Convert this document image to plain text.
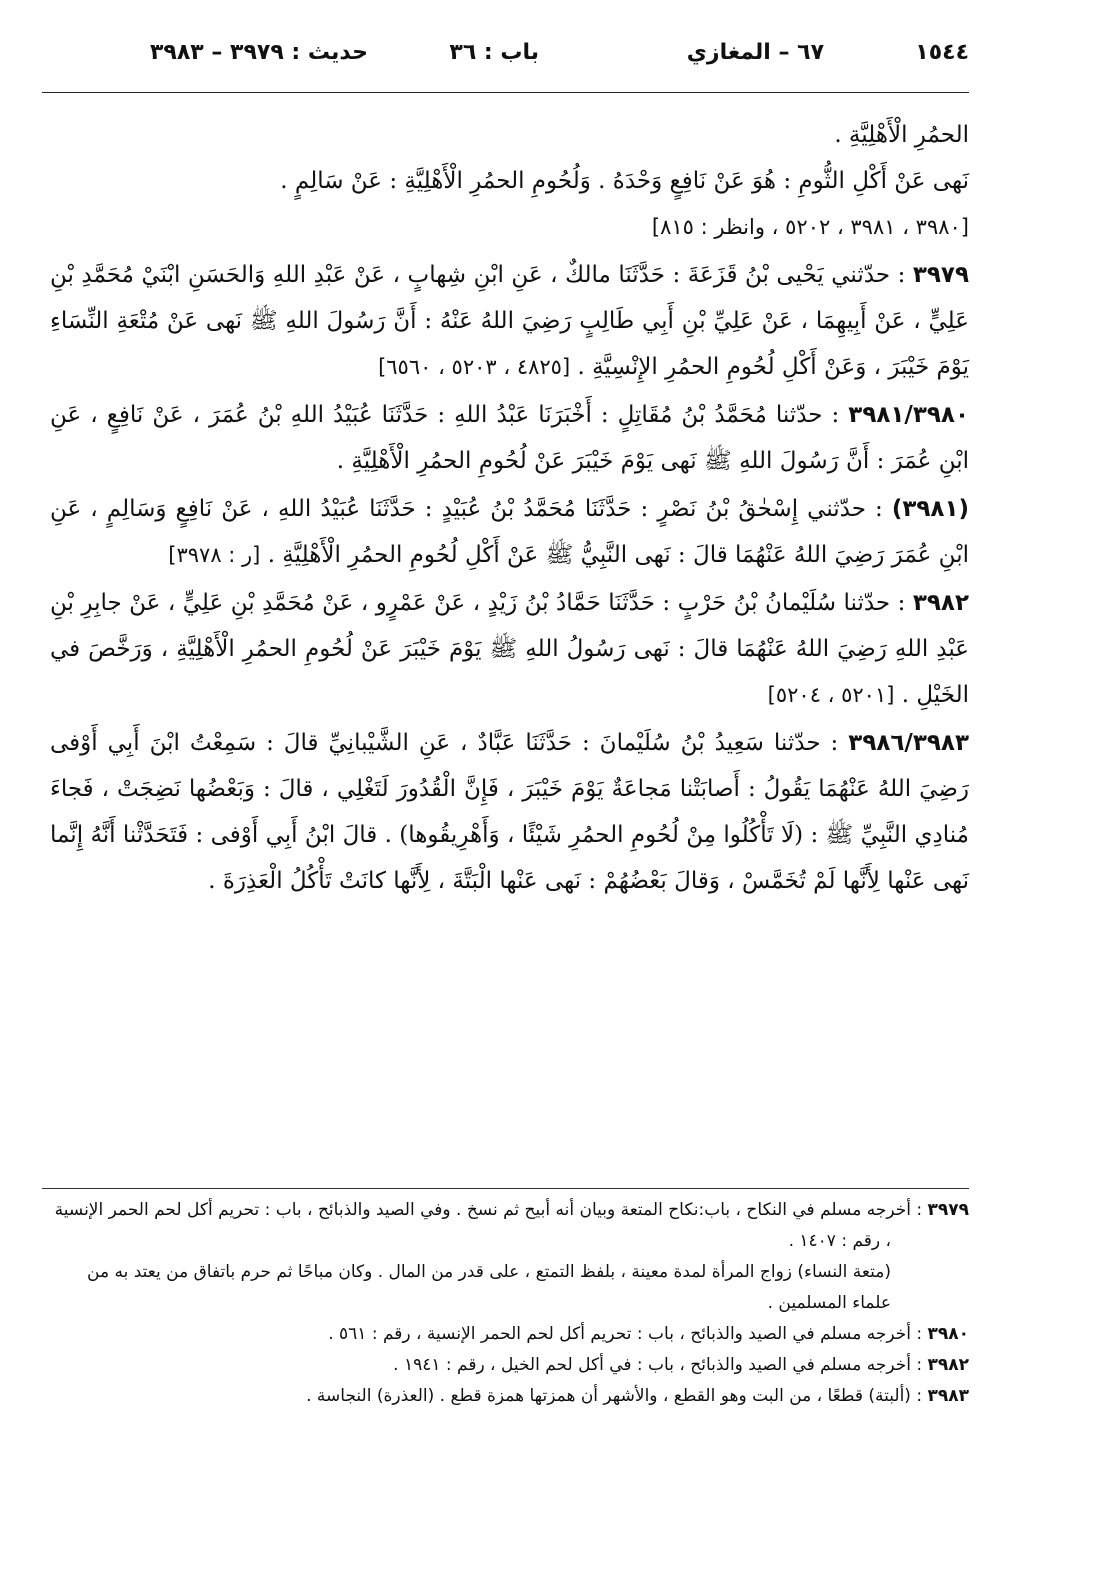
١٥٤٤
٦٧ – المغازي
باب : ٣٦
حديث : ٣٩٧٩ – ٣٩٨٣

الحمُرِ الْأَهْلِيَّةِ .

نَهى عَنْ أَكْلِ الثُّومِ : هُوَ عَنْ نَافِعٍ وَحْدَهُ . وَلُحُومِ الحمُرِ الْأَهْلِيَّةِ : عَنْ سَالِمٍ .

[٣٩٨٠ ، ٣٩٨١ ، ٥٢٠٢ ، وانظر : ٨١٥]

٣٩٧٩ : حدّثني يَحْيى بْنُ قَزَعَةَ : حَدَّثَنَا مالكٌ ، عَنِ ابْنِ شِهابٍ ، عَنْ عَبْدِ اللهِ وَالحَسَنِ ابْنَيْ مُحَمَّدِ بْنِ عَلِيٍّ ، عَنْ أَبِيهِمَا ، عَنْ عَلِيِّ بْنِ أَبِي طَالِبٍ رَضِيَ اللهُ عَنْهُ : أَنَّ رَسُولَ اللهِ ﷺ نَهى عَنْ مُتْعَةِ النِّسَاءِ يَوْمَ خَيْبَرَ ، وَعَنْ أَكْلِ لُحُومِ الحمُرِ الإِنْسِيَّةِ . [٤٨٢٥ ، ٥٢٠٣ ، ٦٥٦٠]

٣٩٨١/٣٩٨٠ : حدّثنا مُحَمَّدُ بْنُ مُقَاتِلٍ : أَخْبَرَنَا عَبْدُ اللهِ : حَدَّثَنَا عُبَيْدُ اللهِ بْنُ عُمَرَ ، عَنْ نَافِعٍ ، عَنِ ابْنِ عُمَرَ : أَنَّ رَسُولَ اللهِ ﷺ نَهى يَوْمَ خَيْبَرَ عَنْ لُحُومِ الحمُرِ الْأَهْلِيَّةِ .

(٣٩٨١) : حدّثني إِسْحٰقُ بْنُ نَصْرٍ : حَدَّثَنَا مُحَمَّدُ بْنُ عُبَيْدٍ : حَدَّثَنَا عُبَيْدُ اللهِ ، عَنْ نَافِعٍ وَسَالِمٍ ، عَنِ ابْنِ عُمَرَ رَضِيَ اللهُ عَنْهُمَا قالَ : نَهى النَّبِيُّ ﷺ عَنْ أَكْلِ لُحُومِ الحمُرِ الْأَهْلِيَّةِ . [ر : ٣٩٧٨]

٣٩٨٢ : حدّثنا سُلَيْمانُ بْنُ حَرْبٍ : حَدَّثَنَا حَمَّادُ بْنُ زَيْدٍ ، عَنْ عَمْرٍو ، عَنْ مُحَمَّدِ بْنِ عَلِيٍّ ، عَنْ جابِرِ بْنِ عَبْدِ اللهِ رَضِيَ اللهُ عَنْهُمَا قالَ : نَهى رَسُولُ اللهِ ﷺ يَوْمَ خَيْبَرَ عَنْ لُحُومِ الحمُرِ الْأَهْلِيَّةِ ، وَرَخَّصَ في الخَيْلِ . [٥٢٠١ ، ٥٢٠٤]

٣٩٨٦/٣٩٨٣ : حدّثنا سَعِيدُ بْنُ سُلَيْمانَ : حَدَّثَنَا عَبَّادٌ ، عَنِ الشَّيْبانِيِّ قالَ : سَمِعْتُ ابْنَ أَبِي أَوْفى رَضِيَ اللهُ عَنْهُمَا يَقُولُ : أَصابَتْنا مَجاعَةٌ يَوْمَ خَيْبَرَ ، فَإِنَّ الْقُدُورَ لَتَغْلِي ، قالَ : وَبَعْضُها نَضِجَتْ ، فَجاءَ مُنادِي النَّبِيِّ ﷺ : (لَا تَأْكُلُوا مِنْ لُحُومِ الحمُرِ شَيْئًا ، وَأَهْرِيقُوها) . قالَ ابْنُ أَبِي أَوْفى : فَتَحَدَّثْنا أَنَّهُ إِنَّما نَهى عَنْها لِأَنَّها لَمْ تُخَمَّسْ ، وَقالَ بَعْضُهُمْ : نَهى عَنْها الْبَتَّةَ ، لِأَنَّها كانَتْ تَأْكُلُ الْعَذِرَةَ .

٣٩٧٩ : أخرجه مسلم في النكاح ، باب:نكاح المتعة وبيان أنه أبيح ثم نسخ . وفي الصيد والذبائح ، باب : تحريم أكل لحم الحمر الإنسية ، رقم : ١٤٠٧ .

(متعة النساء) زواج المرأة لمدة معينة ، بلفظ التمتع ، على قدر من المال . وكان مباحًا ثم حرم باتفاق من يعتد به من علماء المسلمين .

٣٩٨٠ : أخرجه مسلم في الصيد والذبائح ، باب : تحريم أكل لحم الحمر الإنسية ، رقم : ٥٦١ .

٣٩٨٢ : أخرجه مسلم في الصيد والذبائح ، باب : في أكل لحم الخيل ، رقم : ١٩٤١ .

٣٩٨٣ : (ألبتة) قطعًا ، من البت وهو القطع ، والأشهر أن همزتها همزة قطع . (العذرة) النجاسة .
